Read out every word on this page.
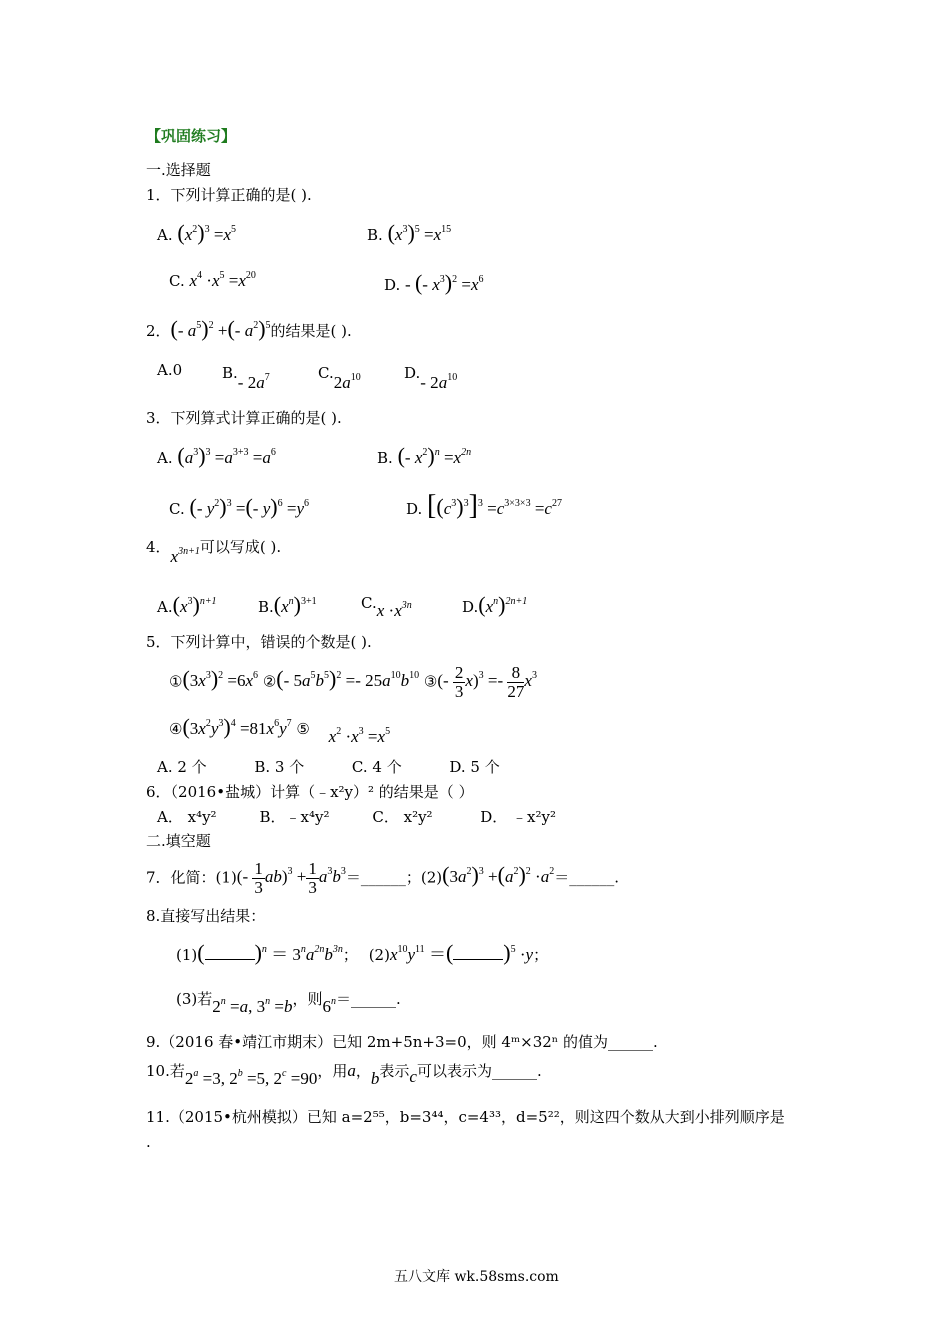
【巩固练习】
一.选择题
1．下列计算正确的是( ).
A. $(x^2)^3 =x^5$	B. $(x^3)^5 =x^{15}$
C. $x^4 \cdot x^5 =x^{20}$
D. - (- $x^3)^2 =x^6$
2．(- $a^5)^2$ +(- $a^2)^5$的结果是( ).
A.0	B.- $2a^7$	$C.2a^{10}$	D.- $2a^{10}$
3．下列算式计算正确的是( ).
A. $(a^3)^3 =a^{3+3} =a^6$	B. (- $x^2)^n =x^{2n}$
C. (- $y^2)^3$ =(- $y)^6 =y^6$	D. $[(c^3)^3]^3 =c^{3\times 3\times 3} =c^{27}$
4．$x^{3n+1}$可以写成( ).
$A.(x^3)^{n+1}$	$B.(x^n)^{3+1}$	$C.x \cdot x^{3n}$	$D.(x^n)^{2n+1}$
5．下列计算中，错误的个数是( ).
$①(3x^3)^2 =6x^6$ ②(- $5a^5b^5)^2 =- 25a^{10}b^{10}$ ③(- $\frac{2}{3} x)^3 =- \frac{8}{27} x^3$
$④(3x^2y^3)^4 =81x^6y^7$ ⑤ $x^2 \cdot x^3 =x^5$
A. 2 个          B. 3 个          C. 4 个          D. 5 个
6．（2016•盐城）计算（﹣x²y）² 的结果是（ ）
A． x⁴y²         B．﹣x⁴y²         C． x²y²          D． ﹣x²y²
二.填空题
7．化简：$(1)(- \frac{1}{3} ab)^3 + \frac{1}{3}$ $a^3b^3=\_\_\_\_\_\_$；$(2)(3a^2)^3 +(a^2)^2$ $\cdot a^2=\_\_\_\_\_\_$.
8.直接写出结果：
(1)( )$^n = 3^na^{2n}b^{3n}$； $(2)x^{10}y^{11}$ ＝( )$^5$ ·y；
(3)若$2^n =a$, $3^n =b$，则$6^n=\_\_\_\_\_\_$.
9.（2016 春•靖江市期末）已知 2m+5n+3=0，则 4ᵐ×32ⁿ 的值为______.
10.若$2^a =3$, $2^b =5$, $2^c =90$，用a，b表示c可以表示为______.
11.（2015•杭州模拟）已知 a=2⁵⁵，b=3⁴⁴，c=4³³，d=5²²，则这四个数从大到小排列顺序是
.
五八文库 wk.58sms.com
